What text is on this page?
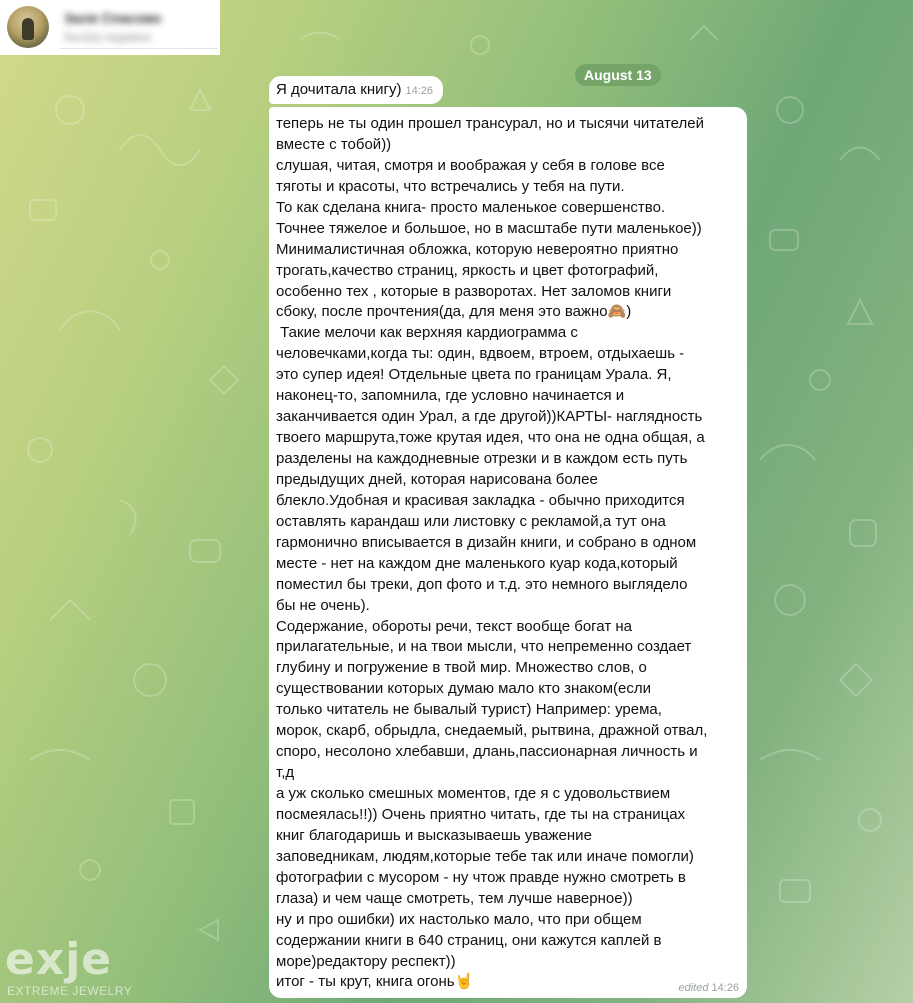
Заля Спасово
был(а) недавно
August 13
Я дочитала книгу) 14:26

теперь не ты один прошел трансурал, но и тысячи читателей
вместе с тобой))
слушая, читая, смотря и воображая у себя в голове все
тяготы и красоты, что встречались у тебя на пути.
То как сделана книга- просто маленькое совершенство.
Точнее тяжелое и большое, но в масштабе пути маленькое))
Минималистичная обложка, которую невероятно приятно
трогать,качество страниц, яркость и цвет фотографий,
особенно тех , которые в разворотах. Нет заломов книги
сбоку, после прочтения(да, для меня это важно🙈)
Такие мелочи как верхняя кардиограмма с
человечками,когда ты: один, вдвоем, втроем, отдыхаешь -
это супер идея! Отдельные цвета по границам Урала. Я,
наконец-то, запомнила, где условно начинается и
заканчивается один Урал, а где другой))КАРТЫ- наглядность
твоего маршрута,тоже крутая идея, что она не одна общая, а
разделены на каждодневные отрезки и в каждом есть путь
предыдущих дней, которая нарисована более
блекло.Удобная и красивая закладка - обычно приходится
оставлять карандаш или листовку с рекламой,а тут она
гармонично вписывается в дизайн книги, и собрано в одном
месте - нет на каждом дне маленького куар кода,который
поместил бы треки, доп фото и т.д. это немного выглядело
бы не очень).
Содержание, обороты речи, текст вообще богат на
прилагательные, и на твои мысли, что непременно создает
глубину и погружение в твой мир. Множество слов, о
существовании которых думаю мало кто знаком(если
только читатель не бывалый турист) Например: урема,
морок, скарб, обрыдла, снедаемый, рытвина, дражной отвал,
споро, несолоно хлебавши, длань,пассионарная личность и
т,д
а уж сколько смешных моментов, где я с удовольствием
посмеялась!!)) Очень приятно читать, где ты на страницах
книг благодаришь и высказываешь уважение
заповедникам, людям,которые тебе так или иначе помогли)
фотографии с мусором - ну чтож правде нужно смотреть в
глаза) и чем чаще смотреть, тем лучше наверное))
ну и про ошибки) их настолько мало, что при общем
содержании книги в 640 страниц, они кажутся каплей в
море)редактору респект))
итог - ты крут, книга огонь🤘	edited 14:26
exje
EXTREME JEWELRY
